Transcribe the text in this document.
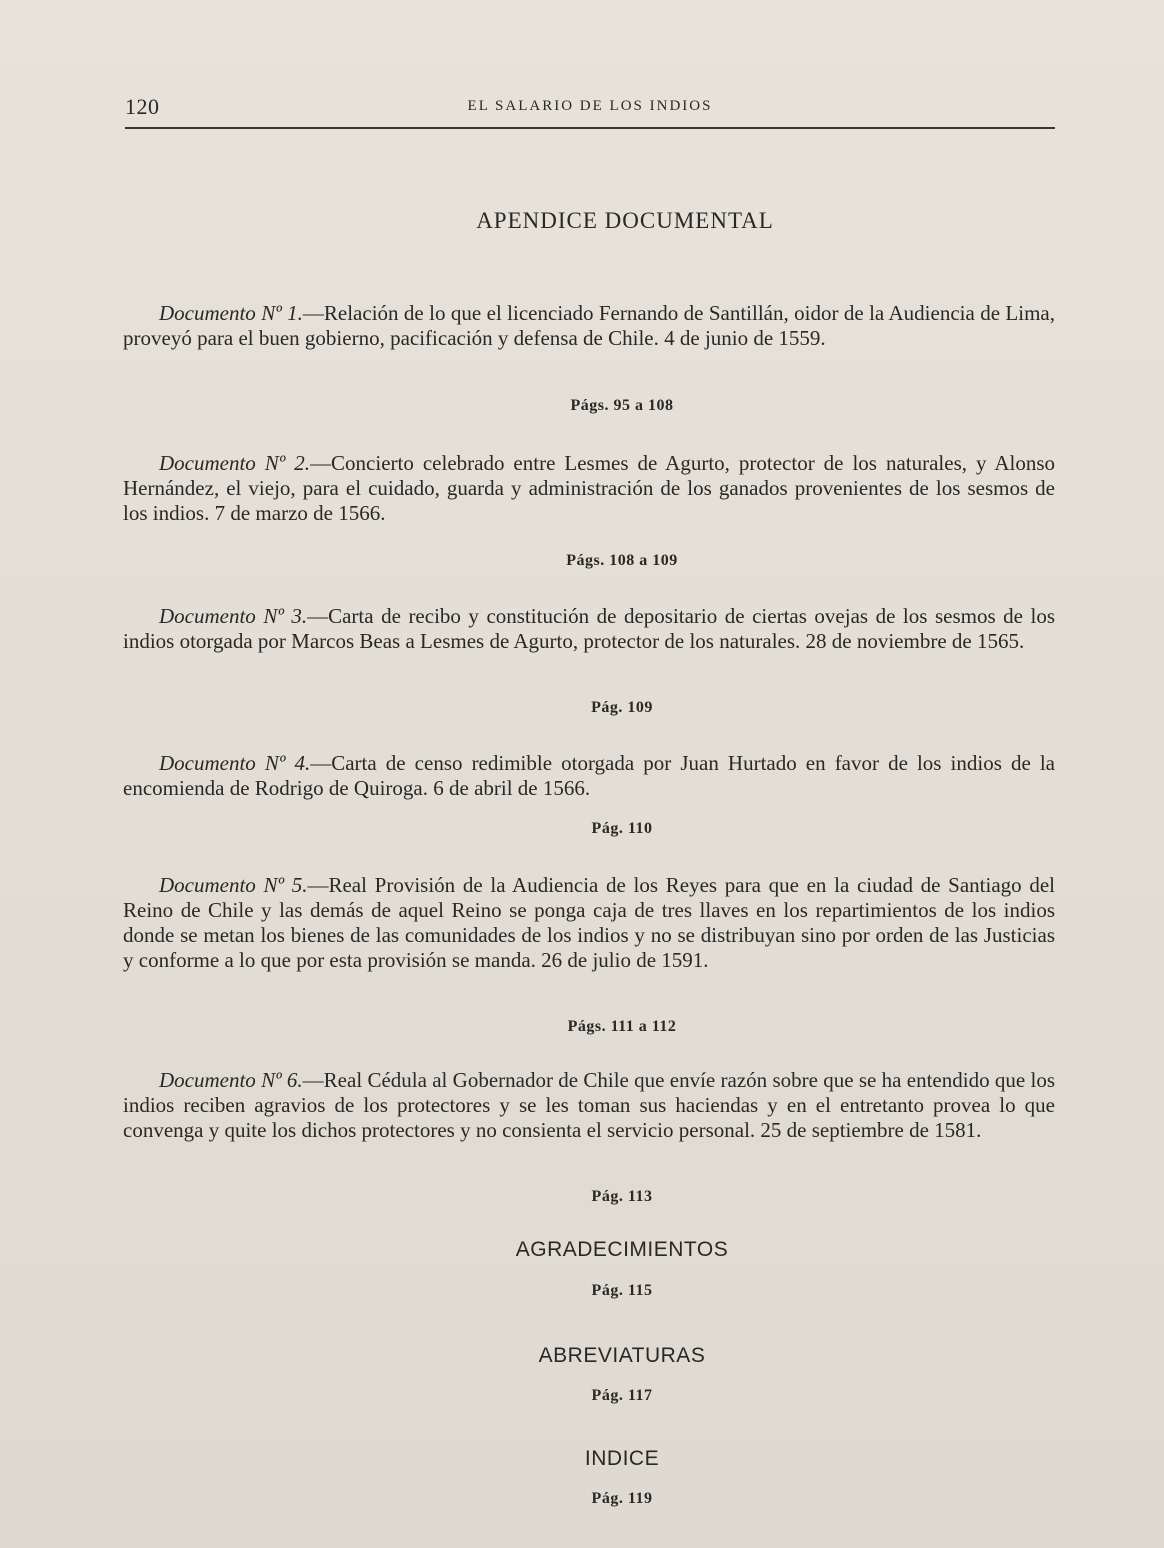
120	EL SALARIO DE LOS INDIOS
APENDICE DOCUMENTAL

Documento Nº 1.—Relación de lo que el licenciado Fernando de Santillán, oidor de la Audiencia de Lima, proveyó para el buen gobierno, pacificación y defensa de Chile. 4 de junio de 1559.

Págs. 95 a 108

Documento Nº 2.—Concierto celebrado entre Lesmes de Agurto, protector de los naturales, y Alonso Hernández, el viejo, para el cuidado, guarda y administración de los ganados provenientes de los sesmos de los indios. 7 de marzo de 1566.

Págs. 108 a 109

Documento Nº 3.—Carta de recibo y constitución de depositario de ciertas ovejas de los sesmos de los indios otorgada por Marcos Beas a Lesmes de Agurto, protector de los naturales. 28 de noviembre de 1565.

Pág. 109

Documento Nº 4.—Carta de censo redimible otorgada por Juan Hurtado en favor de los indios de la encomienda de Rodrigo de Quiroga. 6 de abril de 1566.

Pág. 110

Documento Nº 5.—Real Provisión de la Audiencia de los Reyes para que en la ciudad de Santiago del Reino de Chile y las demás de aquel Reino se ponga caja de tres llaves en los repartimientos de los indios donde se metan los bienes de las comunidades de los indios y no se distribuyan sino por orden de las Justicias y conforme a lo que por esta provisión se manda. 26 de julio de 1591.

Págs. 111 a 112

Documento Nº 6.—Real Cédula al Gobernador de Chile que envíe razón sobre que se ha entendido que los indios reciben agravios de los protectores y se les toman sus haciendas y en el entretanto provea lo que convenga y quite los dichos protectores y no consienta el servicio personal. 25 de septiembre de 1581.

Pág. 113
AGRADECIMIENTOS
Pág. 115
ABREVIATURAS
Pág. 117
INDICE
Pág. 119
